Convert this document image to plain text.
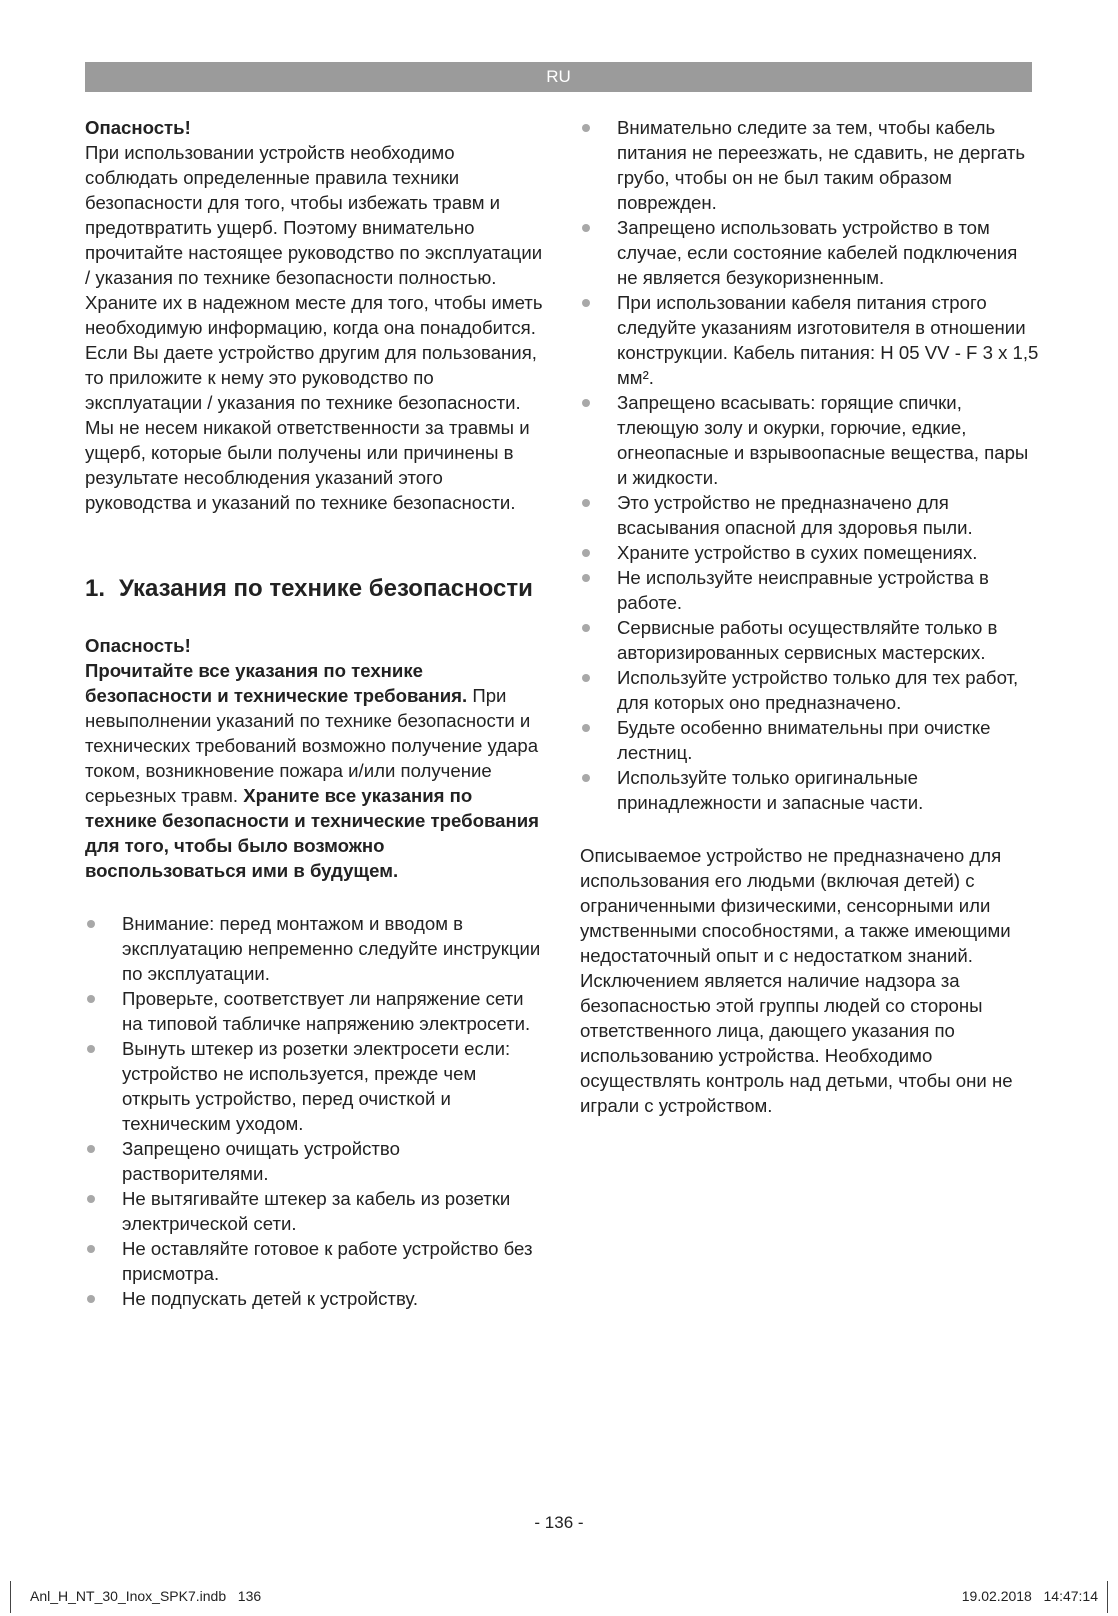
RU

Опасность!

При использовании устройств необходимо соблюдать определенные правила техники безопасности для того, чтобы избежать травм и предотвратить ущерб. Поэтому внимательно прочитайте настоящее руководство по эксплуатации / указания по технике безопасности полностью. Храните их в надежном месте для того, чтобы иметь необходимую информацию, когда она понадобится. Если Вы даете устройство другим для пользования, то приложите к нему это руководство по эксплуатации / указания по технике безопасности. Мы не несем никакой ответственности за травмы и ущерб, которые были получены или причинены в результате несоблюдения указаний этого руководства и указаний по технике безопасности.

1. Указания по технике безопасности

Опасность!

Прочитайте все указания по технике безопасности и технические требования. При невыполнении указаний по технике безопасности и технических требований возможно получение удара током, возникновение пожара и/или получение серьезных травм. Храните все указания по технике безопасности и технические требования для того, чтобы было возможно воспользоваться ими в будущем.

Внимание: перед монтажом и вводом в эксплуатацию непременно следуйте инструкции по эксплуатации.
Проверьте, соответствует ли напряжение сети на типовой табличке напряжению электросети.
Вынуть штекер из розетки электросети если: устройство не используется, прежде чем открыть устройство, перед очисткой и техническим уходом.
Запрещено очищать устройство растворителями.
Не вытягивайте штекер за кабель из розетки электрической сети.
Не оставляйте готовое к работе устройство без присмотра.
Не подпускать детей к устройству.
Внимательно следите за тем, чтобы кабель питания не переезжать, не сдавить, не дергать грубо, чтобы он не был таким образом поврежден.
Запрещено использовать устройство в том случае, если состояние кабелей подключения не является безукоризненным.
При использовании кабеля питания строго следуйте указаниям изготовителя в отношении конструкции. Кабель питания: H 05 VV - F 3 x 1,5 мм².
Запрещено всасывать: горящие спички, тлеющую золу и окурки, горючие, едкие, огнеопасные и взрывоопасные вещества, пары и жидкости.
Это устройство не предназначено для всасывания опасной для здоровья пыли.
Храните устройство в сухих помещениях.
Не используйте неисправные устройства в работе.
Сервисные работы осуществляйте только в авторизированных сервисных мастерских.
Используйте устройство только для тех работ, для которых оно предназначено.
Будьте особенно внимательны при очистке лестниц.
Используйте только оригинальные принадлежности и запасные части.

Описываемое устройство не предназначено для использования его людьми (включая детей) с ограниченными физическими, сенсорными или умственными способностями, а также имеющими недостаточный опыт и с недостатком знаний. Исключением является наличие надзора за безопасностью этой группы людей со стороны ответственного лица, дающего указания по использованию устройства. Необходимо осуществлять контроль над детьми, чтобы они не играли с устройством.

- 136 -
Anl_H_NT_30_Inox_SPK7.indb   136	19.02.2018   14:47:14
